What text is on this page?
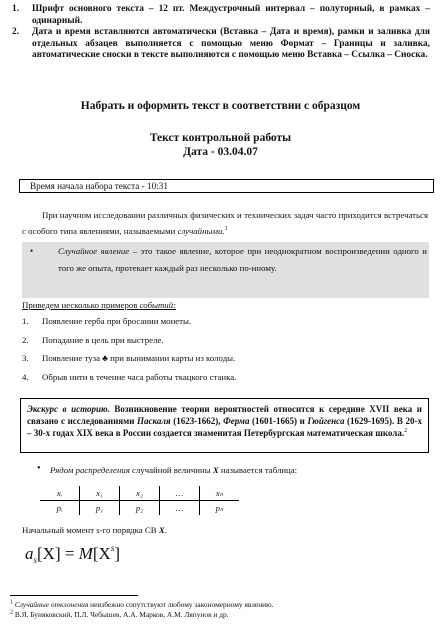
1. Шрифт основного текста – 12 пт. Междустрочный интервал – полуторный, в рамках – одинарный.
2. Дата и время вставляются автоматически (Вставка – Дата и время), рамки и заливка для отдельных абзацев выполняется с помощью меню Формат – Границы и заливка, автоматические сноски в тексте выполняются с помощью меню Вставка – Ссылка – Сноска.
Набрать и оформить текст в соответствии с образцом
Текст контрольной работы
Дата - 03.04.07
Время начала набора текста - 10:31
При научном исследовании различных физических и технических задач часто приходится встречаться с особого типа явлениями, называемыми случайными.$^1$
•	Случайное явление – это такое явление, которое при неоднократном воспроизведении одного и того же опыта, протекает каждый раз несколько по-иному.
Приведем несколько примеров событий:
1. Появление герба при бросании монеты.
2. Попадание в цель при выстреле.
3. Появление туза ♣ при вынимании карты из колоды.
4. Обрыв нити в течение часа работы ткацкого станка.
Экскурс в историю. Возникновение теории вероятностей относится к середине XVII века и связано с исследованиями Паскаля (1623-1662), Ферма (1601-1665) и Гюйгенса (1629-1695). В 20-х – 30-х годах XIX века в России создается знаменитая Петербургская математическая школа.$^2$
• Рядом распределения случайной величины X называется таблица:
xᵢ	x₁	x₂	…	xₙ
pᵢ	p₁	p₂	…	pₙ
Начальный момент s-го порядка СВ X.
$a_s[X] = M[X^s]$
$^1$ Случайные отклонения неизбежно сопутствуют любому закономерному явлению.
$^2$ В.Я. Буняковский, П.Л. Чебышев, А.А. Марков, А.М. Ляпунов и др.
